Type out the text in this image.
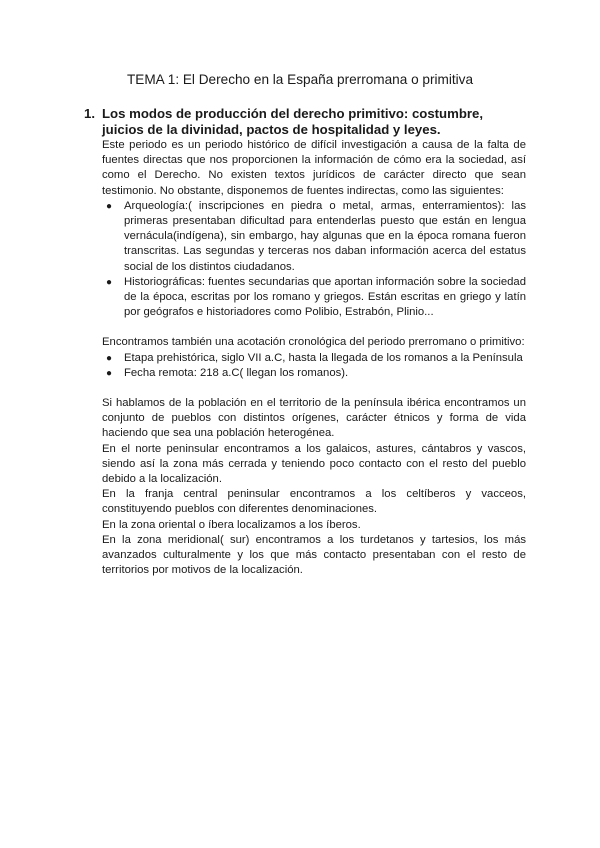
TEMA 1: El Derecho en la España prerromana o primitiva
1. Los modos de producción del derecho primitivo: costumbre, juicios de la divinidad, pactos de hospitalidad y leyes.

Este periodo es un periodo histórico de difícil investigación a causa de la falta de fuentes directas que nos proporcionen la información de cómo era la sociedad, así como el Derecho. No existen textos jurídicos de carácter directo que sean testimonio. No obstante, disponemos de fuentes indirectas, como las siguientes:

● Arqueología:( inscripciones en piedra o metal, armas, enterramientos): las primeras presentaban dificultad para entenderlas puesto que están en lengua vernácula(indígena), sin embargo, hay algunas que en la época romana fueron transcritas. Las segundas y terceras nos daban información acerca del estatus social de los distintos ciudadanos.
● Historiográficas: fuentes secundarias que aportan información sobre la sociedad de la época, escritas por los romano y griegos. Están escritas en griego y latín por geógrafos e historiadores como Polibio, Estrabón, Plinio...

Encontramos también una acotación cronológica del periodo prerromano o primitivo:

● Etapa prehistórica, siglo VII a.C, hasta la llegada de los romanos a la Península
● Fecha remota: 218 a.C( llegan los romanos).

Si hablamos de la población en el territorio de la península ibérica encontramos un conjunto de pueblos con distintos orígenes, carácter étnicos y forma de vida haciendo que sea una población heterogénea.

En el norte peninsular encontramos a los galaicos, astures, cántabros y vascos, siendo así la zona más cerrada y teniendo poco contacto con el resto del pueblo debido a la localización.

En la franja central peninsular encontramos a los celtíberos y vacceos, constituyendo pueblos con diferentes denominaciones.

En la zona oriental o íbera localizamos a los íberos.

En la zona meridional( sur) encontramos a los turdetanos y tartesios, los más avanzados culturalmente y los que más contacto presentaban con el resto de territorios por motivos de la localización.
